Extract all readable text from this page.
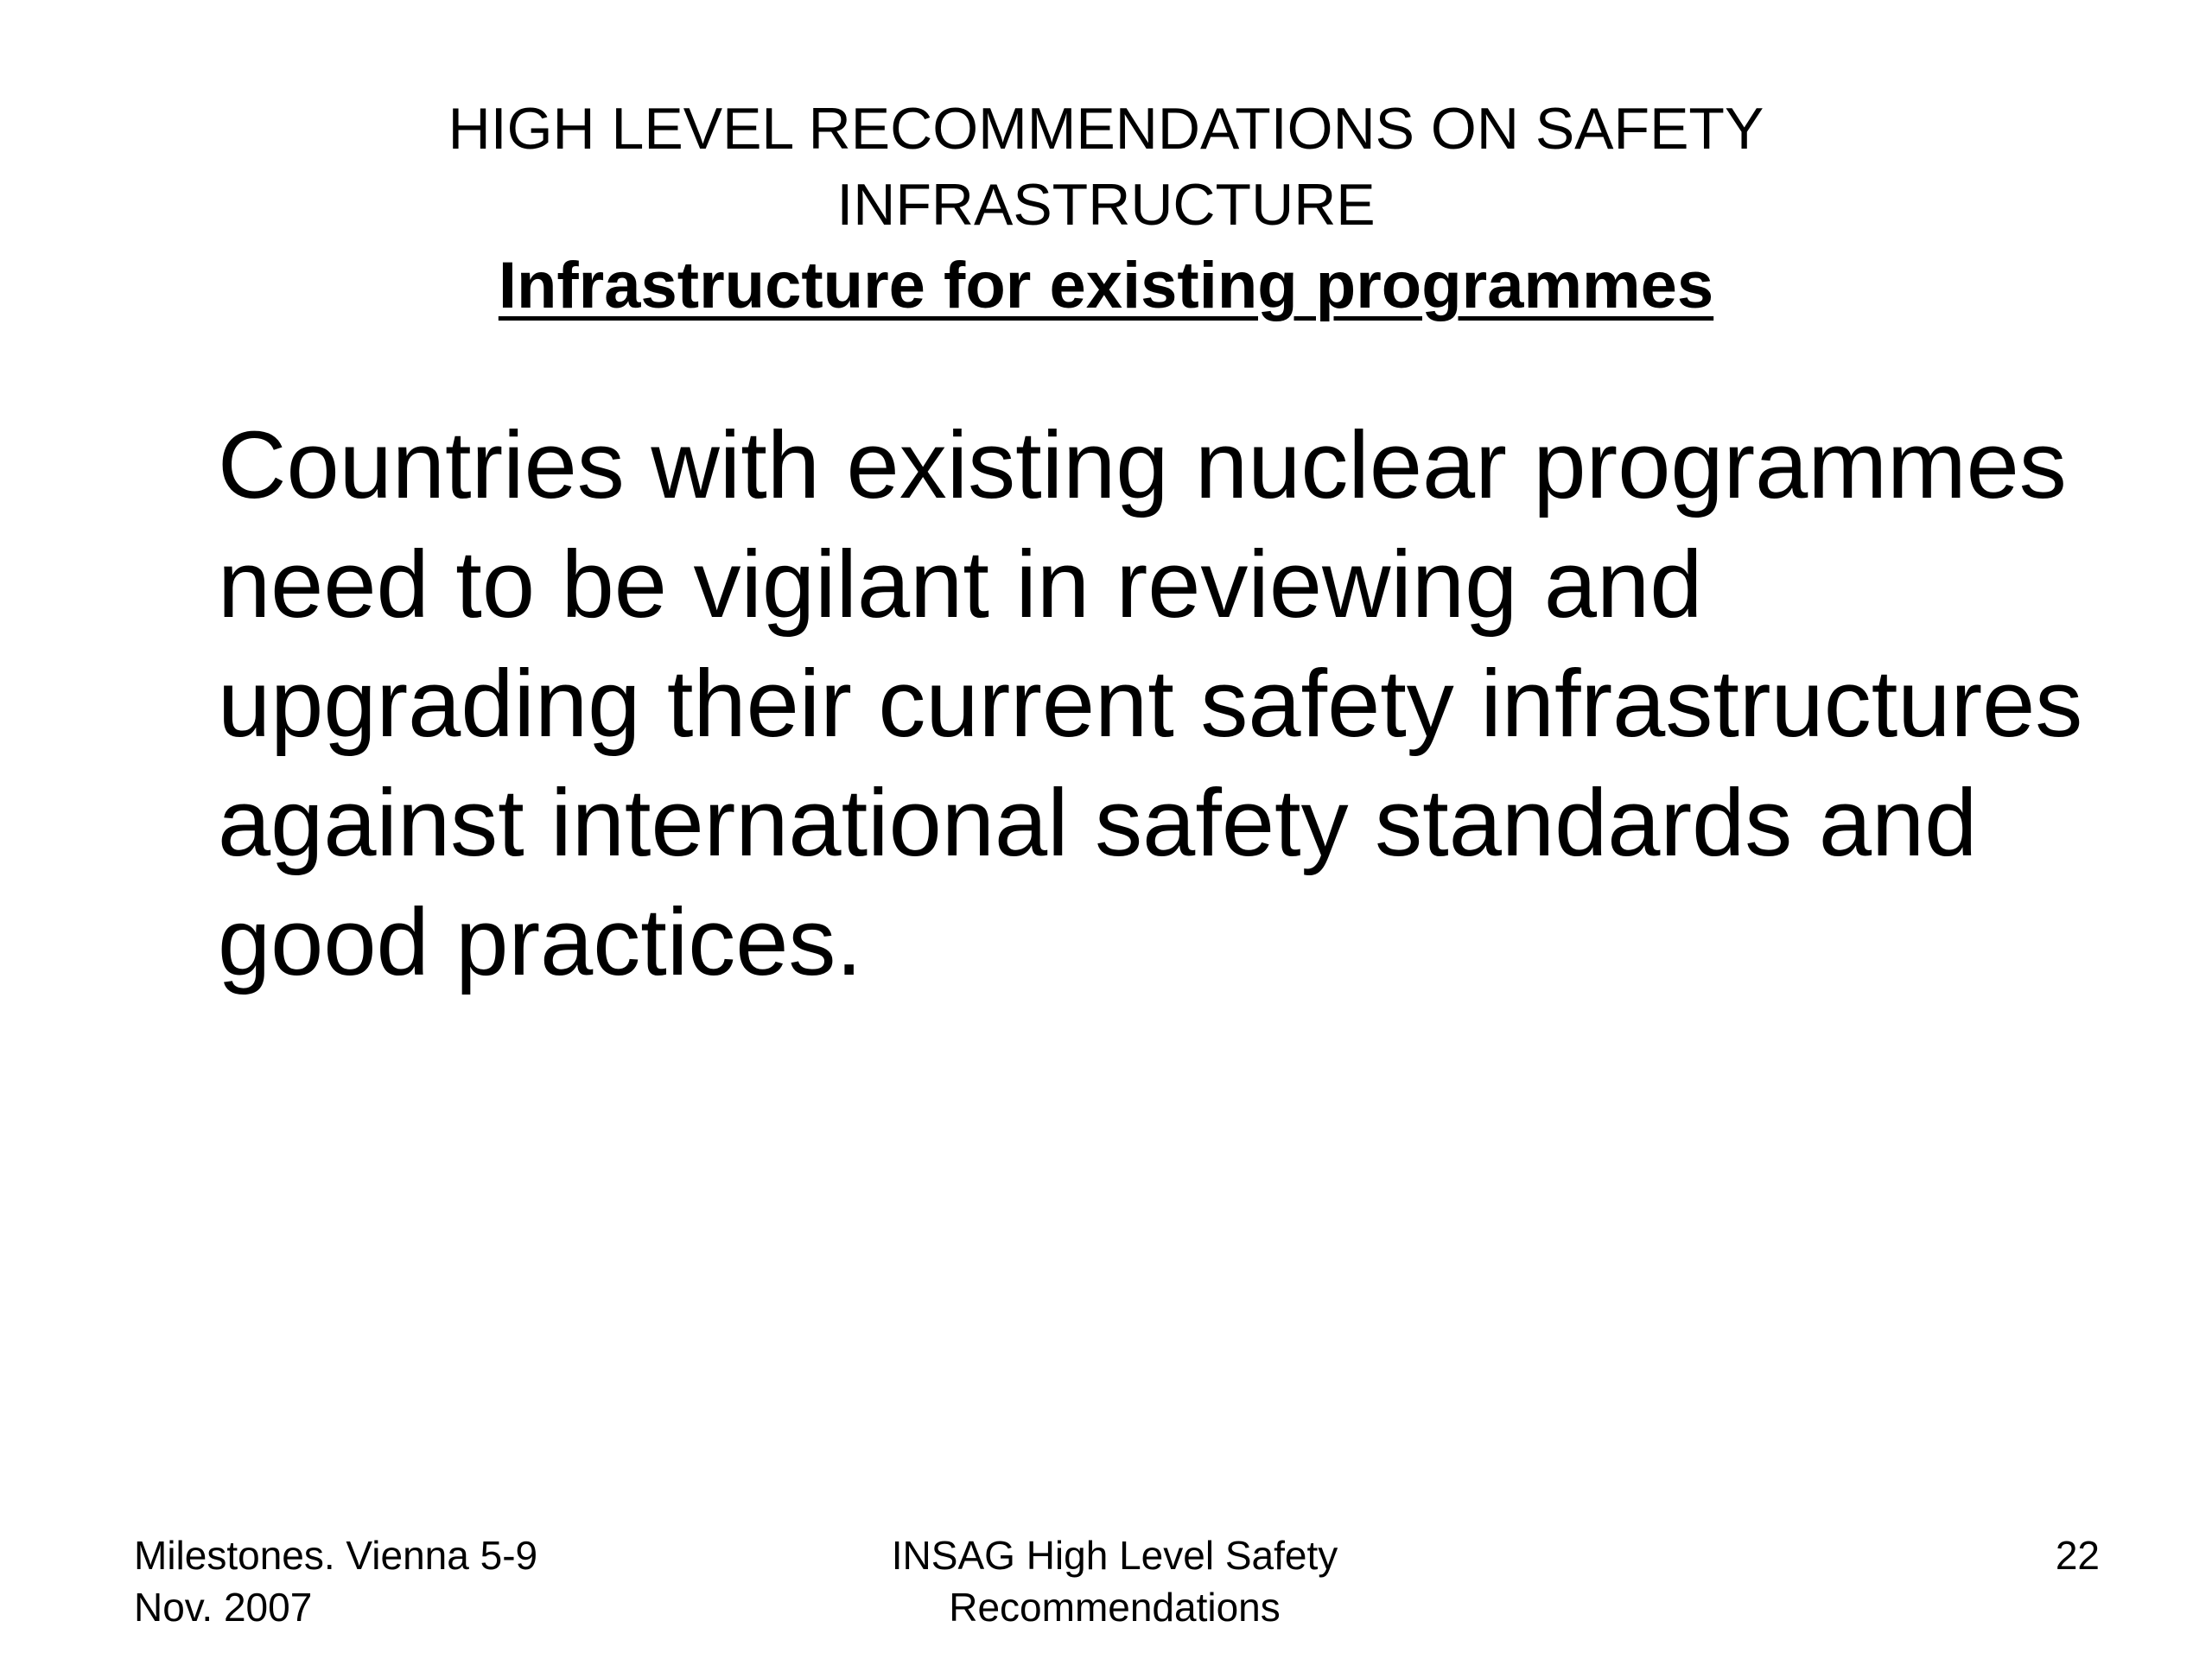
HIGH LEVEL RECOMMENDATIONS ON SAFETY
INFRASTRUCTURE
Infrastructure for existing programmes

Countries with existing nuclear programmes need to be vigilant in reviewing and upgrading their current safety infrastructures against international safety standards and good practices.

Milestones. Vienna 5-9
Nov. 2007
INSAG High Level Safety
Recommendations
22
